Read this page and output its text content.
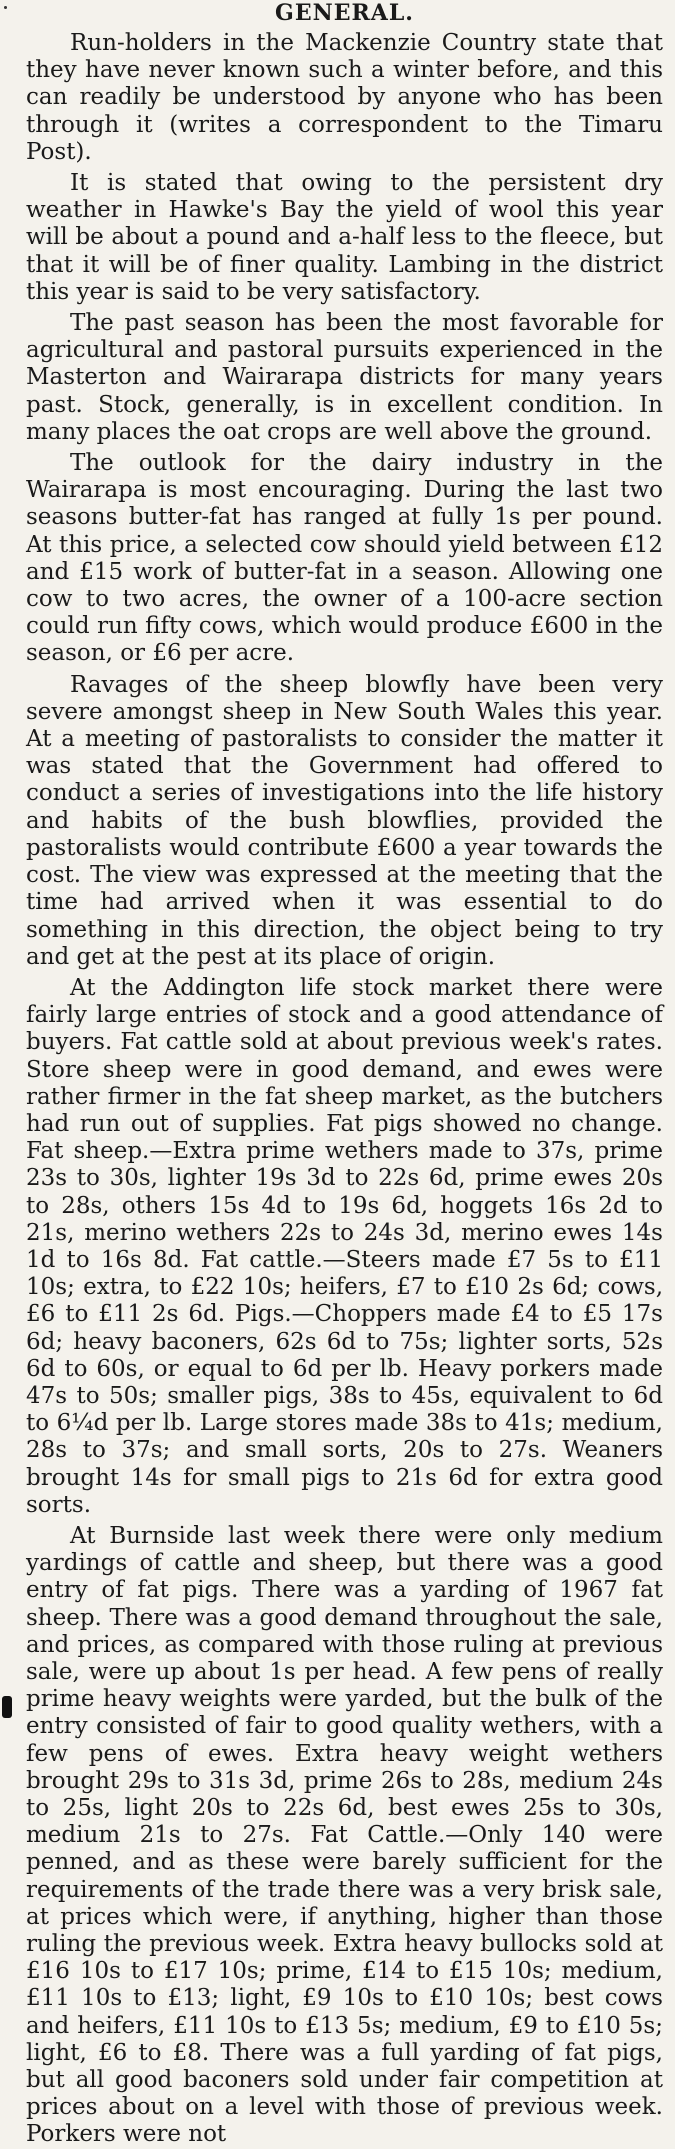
GENERAL.

Run-holders in the Mackenzie Country state that they have never known such a winter before, and this can readily be understood by anyone who has been through it (writes a correspondent to the Timaru Post).

It is stated that owing to the persistent dry weather in Hawke's Bay the yield of wool this year will be about a pound and a-half less to the fleece, but that it will be of finer quality. Lambing in the district this year is said to be very satisfactory.

The past season has been the most favorable for agricultural and pastoral pursuits experienced in the Masterton and Wairarapa districts for many years past. Stock, generally, is in excellent condition. In many places the oat crops are well above the ground.

The outlook for the dairy industry in the Wairarapa is most encouraging. During the last two seasons butter-fat has ranged at fully 1s per pound. At this price, a selected cow should yield between £12 and £15 work of butter-fat in a season. Allowing one cow to two acres, the owner of a 100-acre section could run fifty cows, which would produce £600 in the season, or £6 per acre.

Ravages of the sheep blowfly have been very severe amongst sheep in New South Wales this year. At a meeting of pastoralists to consider the matter it was stated that the Government had offered to conduct a series of investigations into the life history and habits of the bush blowflies, provided the pastoralists would contribute £600 a year towards the cost. The view was expressed at the meeting that the time had arrived when it was essential to do something in this direction, the object being to try and get at the pest at its place of origin.

At the Addington life stock market there were fairly large entries of stock and a good attendance of buyers. Fat cattle sold at about previous week's rates. Store sheep were in good demand, and ewes were rather firmer in the fat sheep market, as the butchers had run out of supplies. Fat pigs showed no change. Fat sheep.—Extra prime wethers made to 37s, prime 23s to 30s, lighter 19s 3d to 22s 6d, prime ewes 20s to 28s, others 15s 4d to 19s 6d, hoggets 16s 2d to 21s, merino wethers 22s to 24s 3d, merino ewes 14s 1d to 16s 8d. Fat cattle.—Steers made £7 5s to £11 10s; extra, to £22 10s; heifers, £7 to £10 2s 6d; cows, £6 to £11 2s 6d. Pigs.—Choppers made £4 to £5 17s 6d; heavy baconers, 62s 6d to 75s; lighter sorts, 52s 6d to 60s, or equal to 6d per lb. Heavy porkers made 47s to 50s; smaller pigs, 38s to 45s, equivalent to 6d to 6¼d per lb. Large stores made 38s to 41s; medium, 28s to 37s; and small sorts, 20s to 27s. Weaners brought 14s for small pigs to 21s 6d for extra good sorts.

At Burnside last week there were only medium yardings of cattle and sheep, but there was a good entry of fat pigs. There was a yarding of 1967 fat sheep. There was a good demand throughout the sale, and prices, as compared with those ruling at previous sale, were up about 1s per head. A few pens of really prime heavy weights were yarded, but the bulk of the entry consisted of fair to good quality wethers, with a few pens of ewes. Extra heavy weight wethers brought 29s to 31s 3d, prime 26s to 28s, medium 24s to 25s, light 20s to 22s 6d, best ewes 25s to 30s, medium 21s to 27s. Fat Cattle.—Only 140 were penned, and as these were barely sufficient for the requirements of the trade there was a very brisk sale, at prices which were, if anything, higher than those ruling the previous week. Extra heavy bullocks sold at £16 10s to £17 10s; prime, £14 to £15 10s; medium, £11 10s to £13; light, £9 10s to £10 10s; best cows and heifers, £11 10s to £13 5s; medium, £9 to £10 5s; light, £6 to £8. There was a full yarding of fat pigs, but all good baconers sold under fair competition at prices about on a level with those of previous week. Porkers were not
